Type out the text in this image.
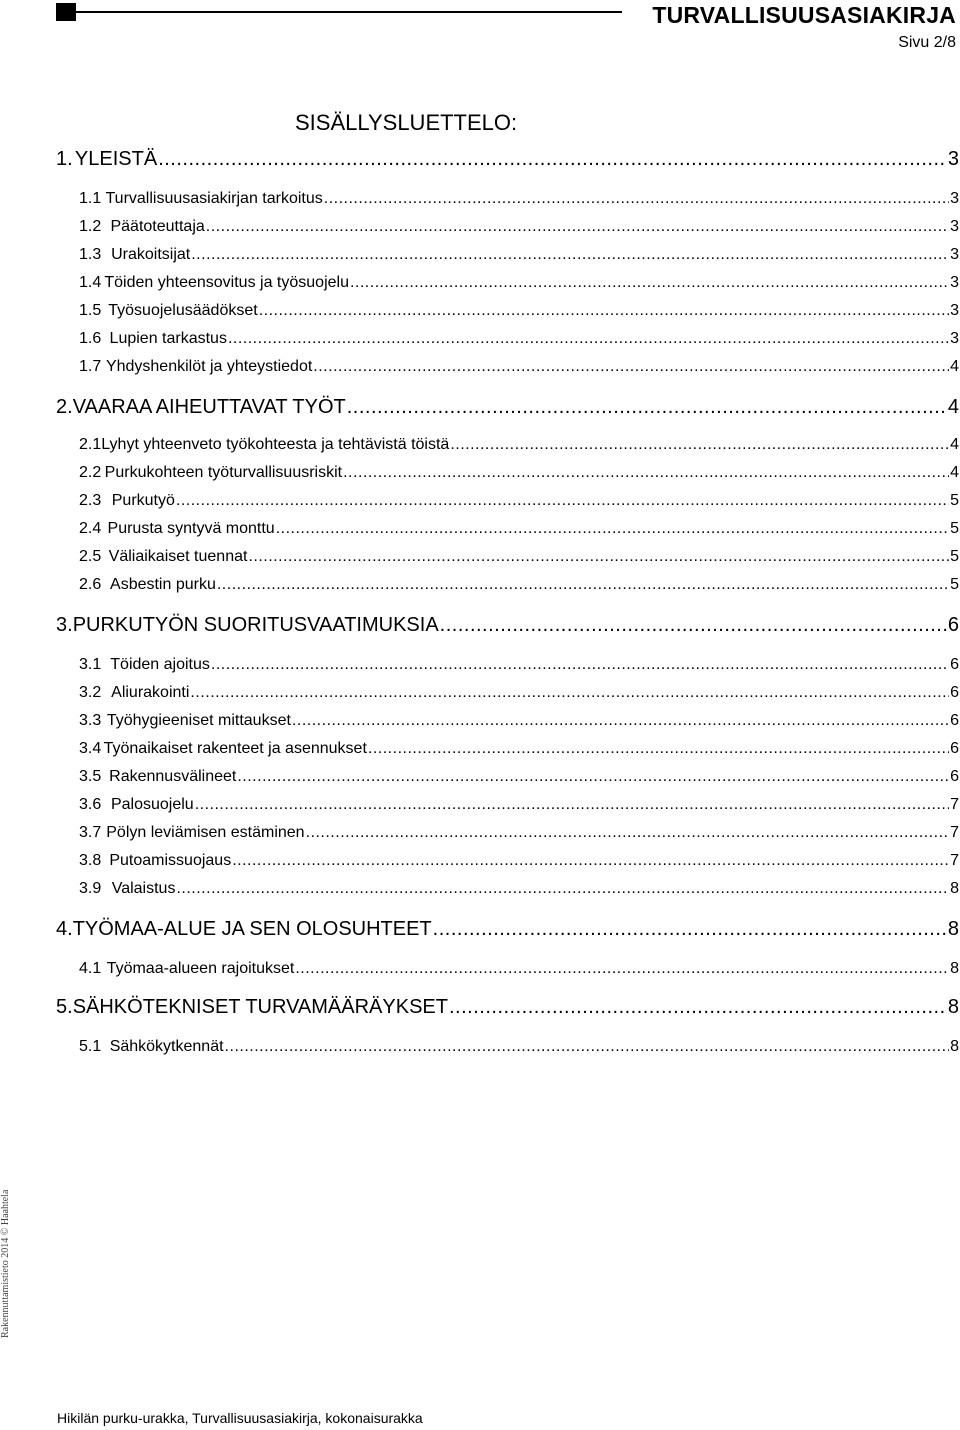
TURVALLISUUSASIAKIRJA
Sivu 2/8
SISÄLLYSLUETTELO:
1. YLEISTÄ .....	3
1.1 Turvallisuusasiakirjan tarkoitus .....	3
1.2 Päätoteuttaja .....	3
1.3 Urakoitsijat .....	3
1.4 Töiden yhteensovitus ja työsuojelu .....	3
1.5 Työsuojelusäädökset .....	3
1.6 Lupien tarkastus .....	3
1.7 Yhdyshenkilöt ja yhteystiedot .....	4
2. VAARAA AIHEUTTAVAT TYÖT .....	4
2.1 Lyhyt yhteenveto työkohteesta ja tehtävistä töistä .....	4
2.2 Purkukohteen työturvallisuusriskit .....	4
2.3 Purkutyö .....	5
2.4 Purusta syntyvä monttu .....	5
2.5 Väliaikaiset tuennat .....	5
2.6 Asbestin purku .....	5
3. PURKUTYÖN SUORITUSVAATIMUKSIA .....	6
3.1 Töiden ajoitus .....	6
3.2 Aliurakointi .....	6
3.3 Työhygieeniset mittaukset .....	6
3.4 Työnaikaiset rakenteet ja asennukset .....	6
3.5 Rakennusvälineet .....	6
3.6 Palosuojelu .....	7
3.7 Pölyn leviämisen estäminen .....	7
3.8 Putoamissuojaus .....	7
3.9 Valaistus .....	8
4. TYÖMAA-ALUE JA SEN OLOSUHTEET .....	8
4.1 Työmaa-alueen rajoitukset .....	8
5. SÄHKÖTEKNISET TURVAMÄÄRÄYKSET .....	8
5.1 Sähkökytkennät .....	8
Rakennuttamistieto 2014 © Haahtela
Hikilän purku-urakka, Turvallisuusasiakirja, kokonaisurakka
